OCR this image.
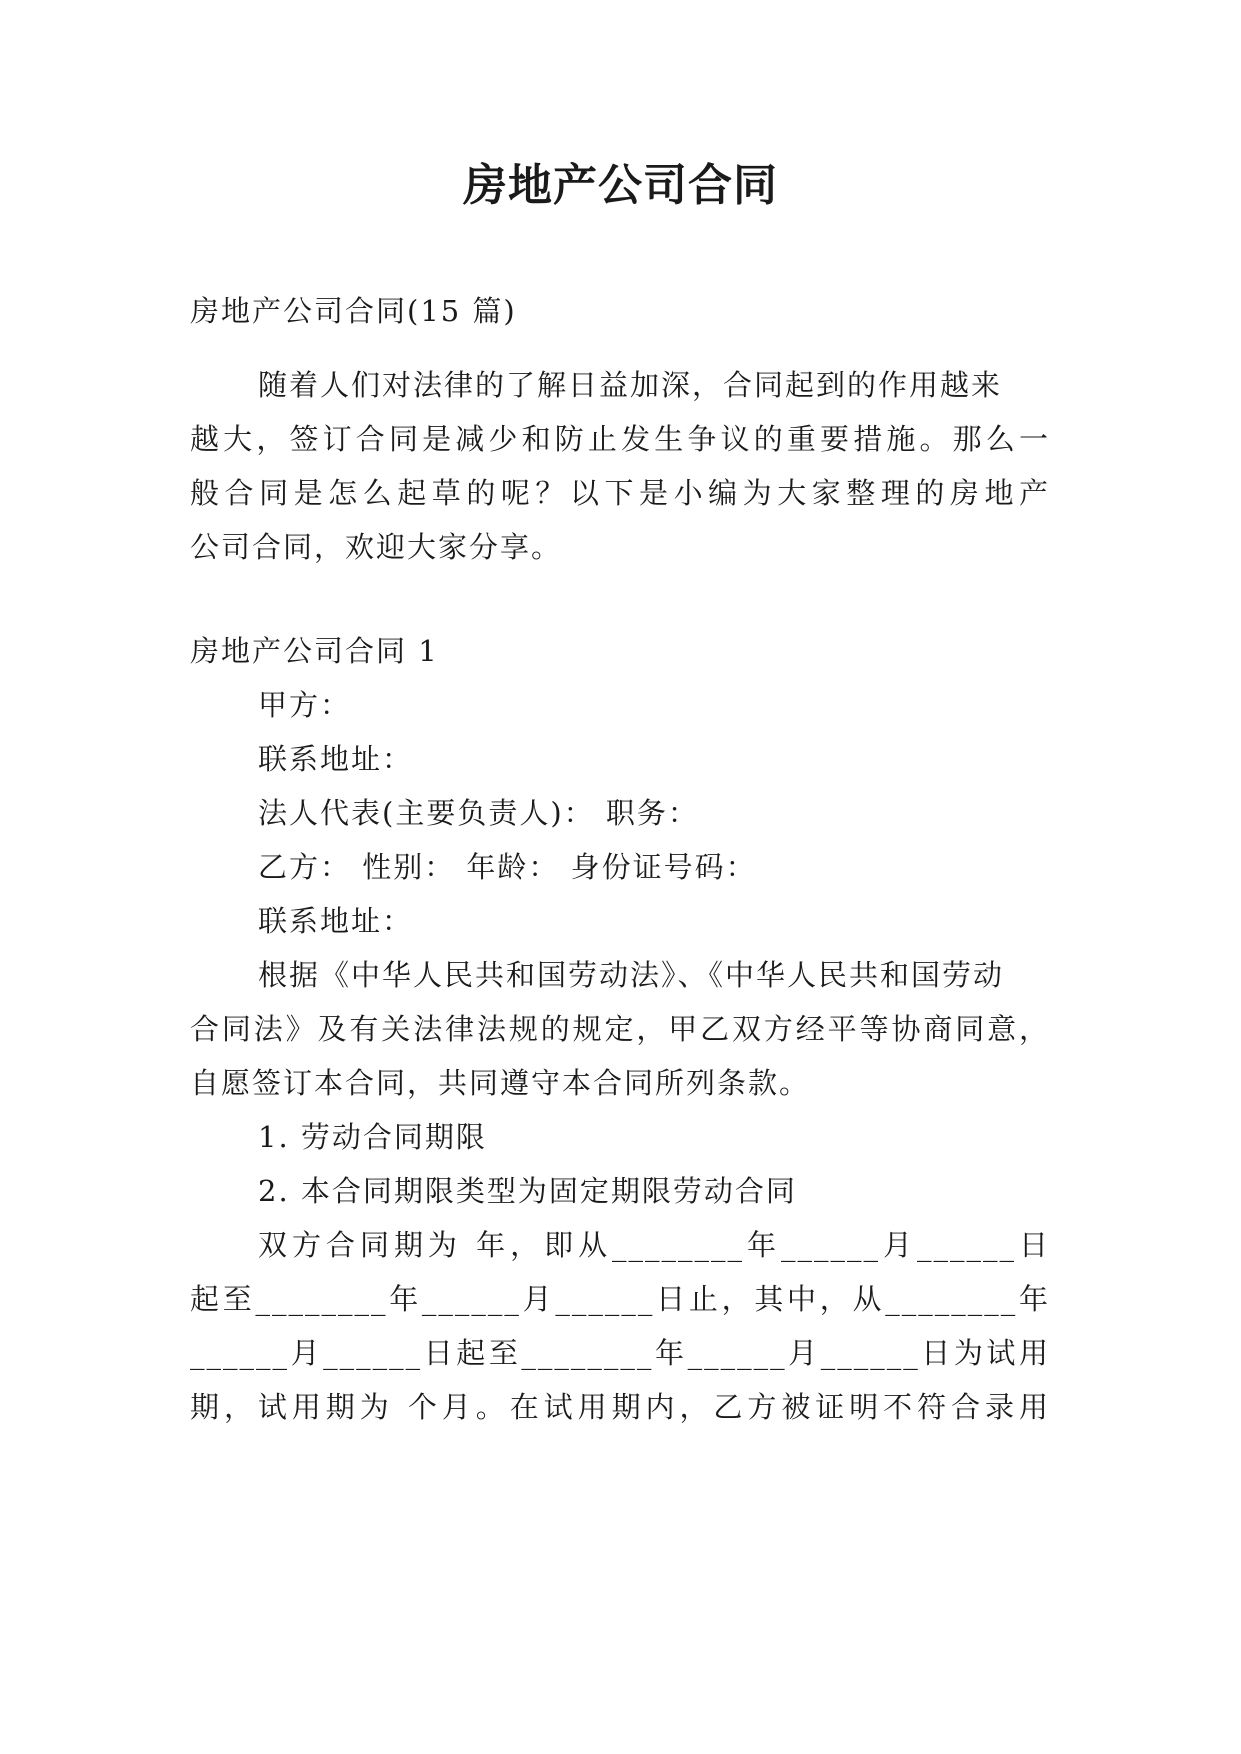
房地产公司合同
房地产公司合同(15 篇)
随着人们对法律的了解日益加深，合同起到的作用越来
越大，签订合同是减少和防止发生争议的重要措施。那么一
般合同是怎么起草的呢？以下是小编为大家整理的房地产
公司合同，欢迎大家分享。
房地产公司合同 1
甲方：
联系地址：
法人代表(主要负责人)： 职务：
乙方： 性别： 年龄： 身份证号码：
联系地址：
根据《中华人民共和国劳动法》、《中华人民共和国劳动
合同法》及有关法律法规的规定，甲乙双方经平等协商同意，
自愿签订本合同，共同遵守本合同所列条款。
1. 劳动合同期限
2. 本合同期限类型为固定期限劳动合同
双方合同期为 年，即从________年______月______日
起至________年______月______日止，其中，从________年
______月______日起至________年______月______日为试用
期，试用期为 个月。在试用期内，乙方被证明不符合录用
